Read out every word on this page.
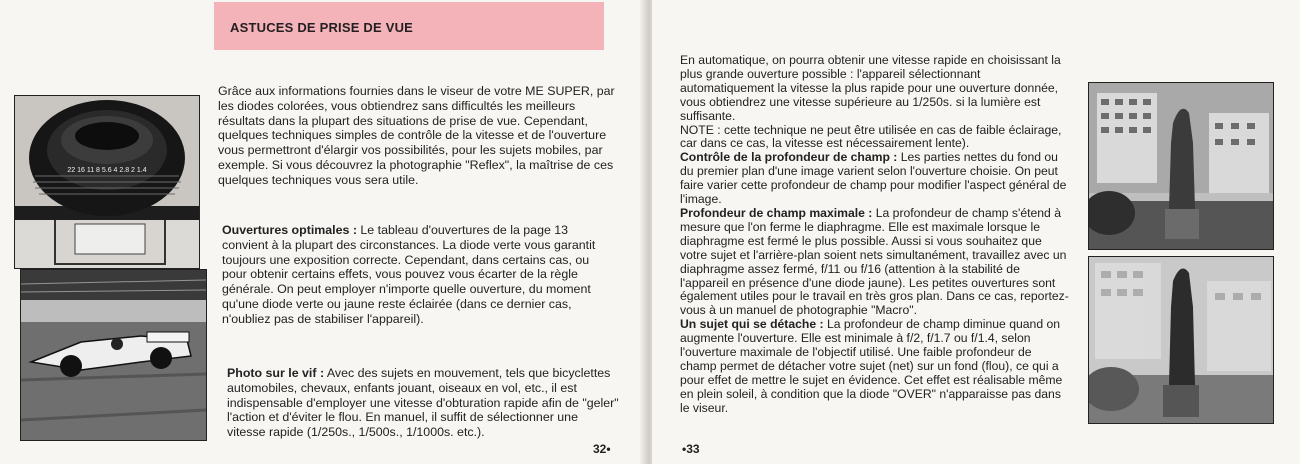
ASTUCES DE PRISE DE VUE
22 16 11 8 5.6 4 2.8 2 1.4

Grâce aux informations fournies dans le viseur de votre ME SUPER, par les diodes colorées, vous obtiendrez sans difficultés les meilleurs résultats dans la plupart des situations de prise de vue. Cependant, quelques techniques simples de contrôle de la vitesse et de l'ouverture vous permettront d'élargir vos possibilités, pour les sujets mobiles, par exemple. Si vous découvrez la photographie "Reflex", la maîtrise de ces quelques techniques vous sera utile.

Ouvertures optimales : Le tableau d'ouvertures de la page 13 convient à la plupart des circonstances. La diode verte vous garantit toujours une exposition correcte. Cependant, dans certains cas, ou pour obtenir certains effets, vous pouvez vous écarter de la règle générale. On peut employer n'importe quelle ouverture, du moment qu'une diode verte ou jaune reste éclairée (dans ce dernier cas, n'oubliez pas de stabiliser l'appareil).

Photo sur le vif : Avec des sujets en mouvement, tels que bicyclettes automobiles, chevaux, enfants jouant, oiseaux en vol, etc., il est indispensable d'employer une vitesse d'obturation rapide afin de "geler" l'action et d'éviter le flou. En manuel, il suffit de sélectionner une vitesse rapide (1/250s., 1/500s., 1/1000s. etc.).

32•

En automatique, on pourra obtenir une vitesse rapide en choisissant la plus grande ouverture possible : l'appareil sélectionnant automatiquement la vitesse la plus rapide pour une ouverture donnée, vous obtiendrez une vitesse supérieure au 1/250s. si la lumière est suffisante.

NOTE : cette technique ne peut être utilisée en cas de faible éclairage, car dans ce cas, la vitesse est nécessairement lente).

Contrôle de la profondeur de champ : Les parties nettes du fond ou du premier plan d'une image varient selon l'ouverture choisie. On peut faire varier cette profondeur de champ pour modifier l'aspect général de l'image.

Profondeur de champ maximale : La profondeur de champ s'étend à mesure que l'on ferme le diaphragme. Elle est maximale lorsque le diaphragme est fermé le plus possible. Aussi si vous souhaitez que votre sujet et l'arrière-plan soient nets simultanément, travaillez avec un diaphragme assez fermé, f/11 ou f/16 (attention à la stabilité de l'appareil en présence d'une diode jaune). Les petites ouvertures sont également utiles pour le travail en très gros plan. Dans ce cas, reportez-vous à un manuel de photographie "Macro".

Un sujet qui se détache : La profondeur de champ diminue quand on augmente l'ouverture. Elle est minimale à f/2, f/1.7 ou f/1.4, selon l'ouverture maximale de l'objectif utilisé. Une faible profondeur de champ permet de détacher votre sujet (net) sur un fond (flou), ce qui a pour effet de mettre le sujet en évidence. Cet effet est réalisable même en plein soleil, à condition que la diode "OVER" n'apparaisse pas dans le viseur.

•33
